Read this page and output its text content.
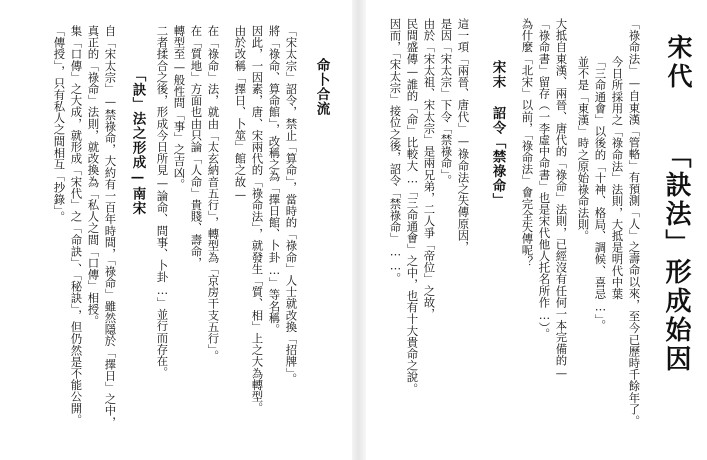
宋代
「訣法」形成始因
「祿命法」—自東漢「管輅」有預測「人」之壽命以來，至今已歷時千餘年了。
今日所採用之「祿命法」法則，大抵是明代中葉
「三命通會」以後的「十神、格局、調候、喜忌…」。
並不是「東漢」時之原始祿命法則。
大抵自東漢、兩晉、唐代的「祿命」法則，已經沒有任何一本完備的—
「祿命書」留存（一李虛中命書」也是宋代他人托名所作…）。
為什麼「北宋」以前，「祿命法」會完全失傳呢？
宋末 詔令「禁祿命」
這一項「兩晉、唐代」—祿命法之失傳原因，
是因「宋太宗」下令「禁祿命」。
由於「宋太祖、宋太宗」是兩兄弟，二人爭「帝位」之故，
民間盛傳—誰的「命」比較大…「三命通會」之中，也有十大貴命之說。
因而，「宋太宗」接位之後，詔令「禁祿命」……。
命卜合流
「宋太宗」詔令，禁止「算命」，當時的「祿命」人士就改換「招牌」。
將「祿命、算命館」，改稱之為「擇日館、卜卦…」等名稱。
因此，一因素，唐、宋兩代的「祿命法」，就發生「質、相」上之大為轉型。
由於改稱「擇日、卜筮」館之故—
在「祿命」法，就由「太玄納音五行」，轉型為「京房干支五行」。
在「質地」方面也由只論「人命」貴賤、壽命，
轉型至—般性問「事」之吉凶。
二者揉合之後，形成今日所見—論命、問事、卜卦…」並行而存在。
「訣」法之形成—南宋
自「宋太宗」—禁祿命，大約有一百年時間，「祿命」雖然隱於「擇日」之中，
真正的「祿命」法則，就改換為「私人之間「口傳」相授。
集「口傳」之大成，就形成「宋代」之「命訣」、「秘訣」，但仍然是不能公開。
「傳授」，只有私人之間相互「抄錄」。
